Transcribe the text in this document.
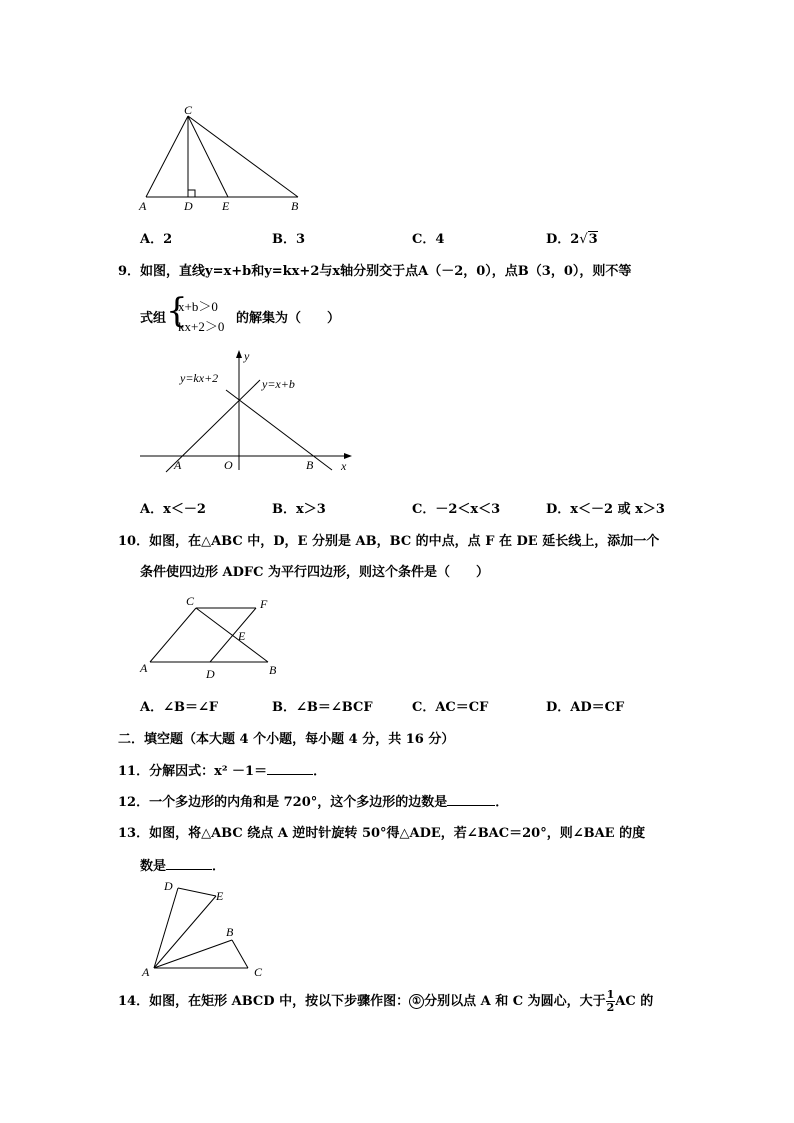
C
A	D E	B
A．2	B．3	C．4	D．2√3
9．如图，直线y=x+b和y=kx+2与x轴分别交于点A（－2，0），点B（3，0），则不等
式组 {
x+b＞0
kx+2＞0
的解集为（　　）
y
x
O
A	B
y=kx+2	y=x+b
A．x＜－2	B．x＞3	C．－2＜x＜3	D．x＜－2 或 x＞3
10．如图，在△ABC 中，D，E 分别是 AB，BC 的中点，点 F 在 DE 延长线上，添加一个
条件使四边形 ADFC 为平行四边形，则这个条件是（　　）
C	F
E
A	D	B
A．∠B＝∠F	B．∠B＝∠BCF	C．AC＝CF	D．AD＝CF
二．填空题（本大题 4 个小题，每小题 4 分，共 16 分）
11．分解因式：x² －1＝	．
12．一个多边形的内角和是 720°，这个多边形的边数是	．
13．如图，将△ABC 绕点 A 逆时针旋转 50°得△ADE，若∠BAC＝20°，则∠BAE 的度
数是	．
D
E
B
A	C
14．如图，在矩形 ABCD 中，按以下步骤作图： ① 分别以点 A 和 C 为圆心，大于 $\frac{1}{2}$ AC 的
